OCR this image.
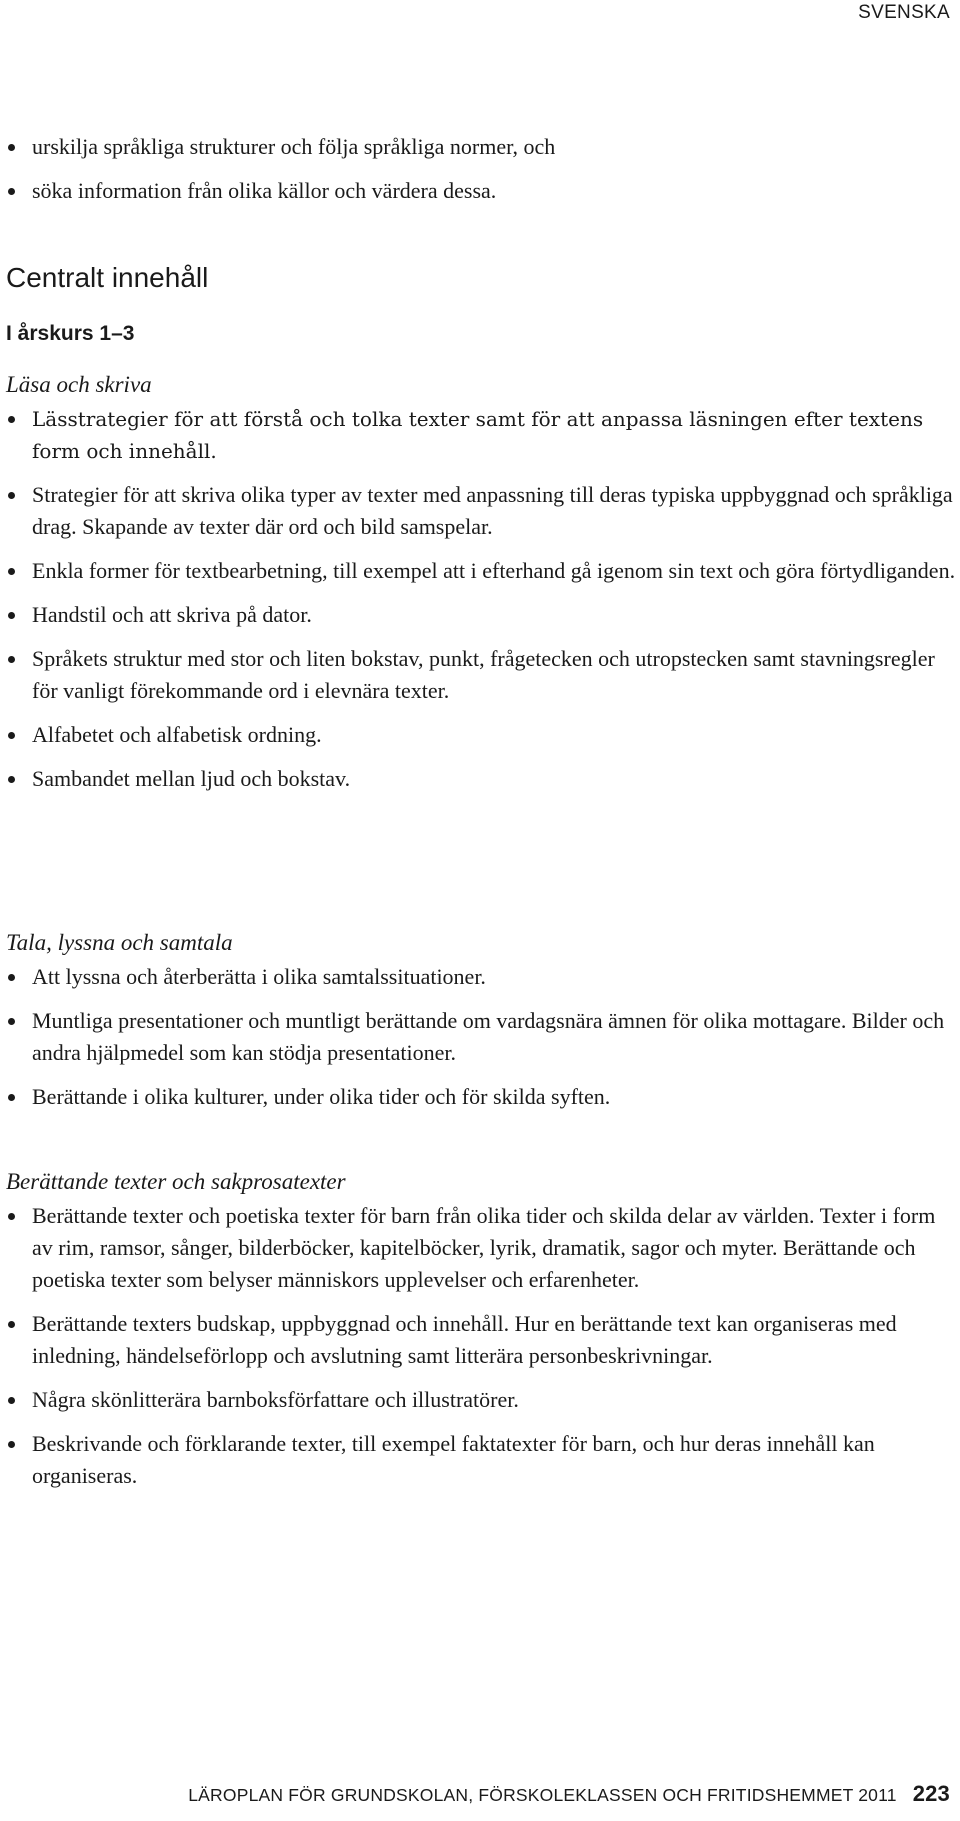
SVENSKA
urskilja språkliga strukturer och följa språkliga normer, och
söka information från olika källor och värdera dessa.
Centralt innehåll
I årskurs 1–3
Läsa och skriva
Lässtrategier för att förstå och tolka texter samt för att anpassa läsningen efter textens form och innehåll.
Strategier för att skriva olika typer av texter med anpassning till deras typiska uppbyggnad och språkliga drag. Skapande av texter där ord och bild samspelar.
Enkla former för textbearbetning, till exempel att i efterhand gå igenom sin text och göra förtydliganden.
Handstil och att skriva på dator.
Språkets struktur med stor och liten bokstav, punkt, frågetecken och utropstecken samt stavningsregler för vanligt förekommande ord i elevnära texter.
Alfabetet och alfabetisk ordning.
Sambandet mellan ljud och bokstav.
Tala, lyssna och samtala
Att lyssna och återberätta i olika samtalssituationer.
Muntliga presentationer och muntligt berättande om vardagsnära ämnen för olika mottagare. Bilder och andra hjälpmedel som kan stödja presentationer.
Berättande i olika kulturer, under olika tider och för skilda syften.
Berättande texter och sakprosatexter
Berättande texter och poetiska texter för barn från olika tider och skilda delar av världen. Texter i form av rim, ramsor, sånger, bilderböcker, kapitelböcker, lyrik, dramatik, sagor och myter. Berättande och poetiska texter som belyser människors upplevelser och erfarenheter.
Berättande texters budskap, uppbyggnad och innehåll. Hur en berättande text kan organiseras med inledning, händelseförlopp och avslutning samt litterära personbeskrivningar.
Några skönlitterära barnboksförfattare och illustratörer.
Beskrivande och förklarande texter, till exempel faktatexter för barn, och hur deras innehåll kan organiseras.
LÄROPLAN FÖR GRUNDSKOLAN, FÖRSKOLEKLASSEN OCH FRITIDSHEMMET 2011 223
